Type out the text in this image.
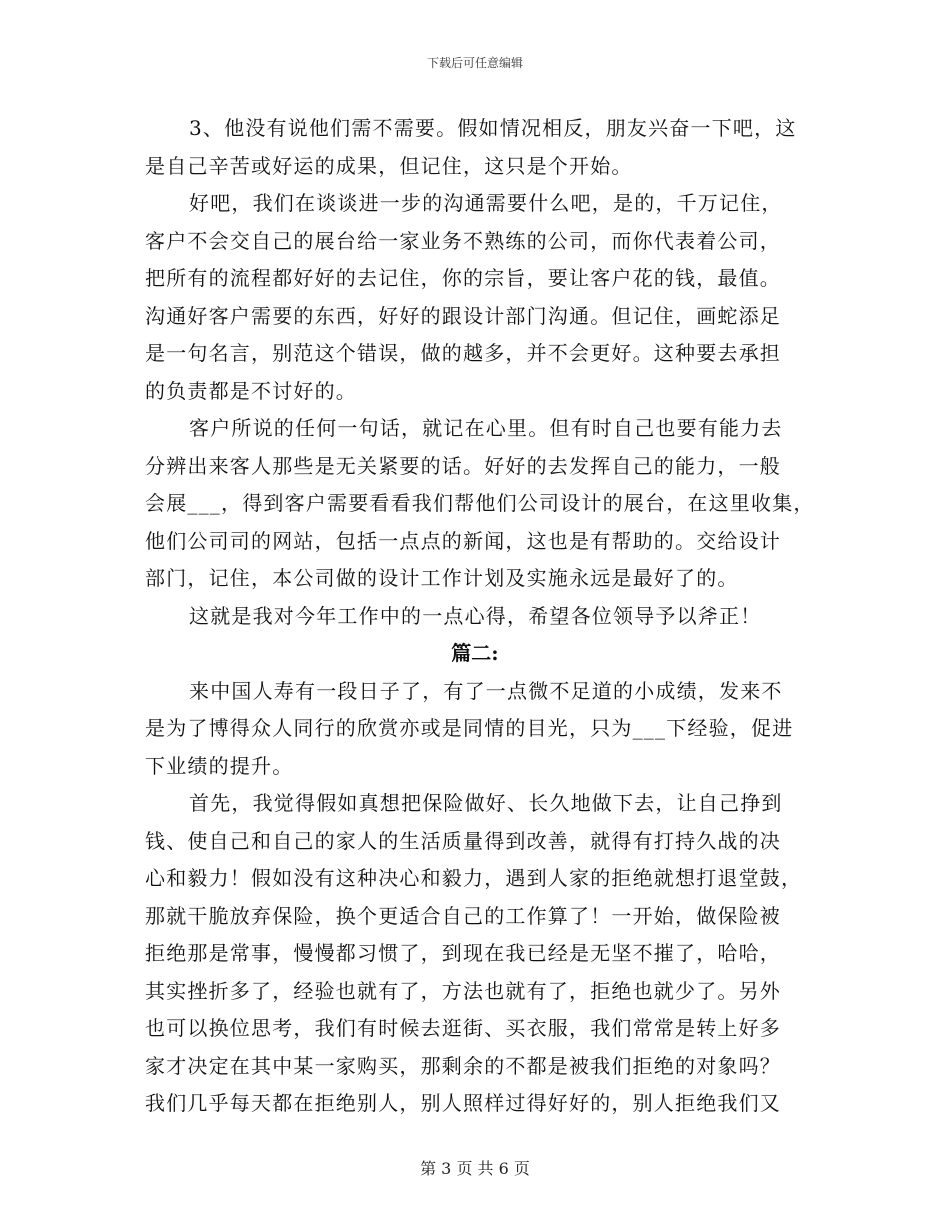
下载后可任意编辑
3、他没有说他们需不需要。假如情况相反，朋友兴奋一下吧，这
是自己辛苦或好运的成果，但记住，这只是个开始。
好吧，我们在谈谈进一步的沟通需要什么吧，是的，千万记住，
客户不会交自己的展台给一家业务不熟练的公司，而你代表着公司，
把所有的流程都好好的去记住，你的宗旨，要让客户花的钱，最值。
沟通好客户需要的东西，好好的跟设计部门沟通。但记住，画蛇添足
是一句名言，别范这个错误，做的越多，并不会更好。这种要去承担
的负责都是不讨好的。
客户所说的任何一句话，就记在心里。但有时自己也要有能力去
分辨出来客人那些是无关紧要的话。好好的去发挥自己的能力，一般
会展___，得到客户需要看看我们帮他们公司设计的展台，在这里收集，
他们公司司的网站，包括一点点的新闻，这也是有帮助的。交给设计
部门，记住，本公司做的设计工作计划及实施永远是最好了的。
这就是我对今年工作中的一点心得，希望各位领导予以斧正！
篇二:
来中国人寿有一段日子了，有了一点微不足道的小成绩，发来不
是为了博得众人同行的欣赏亦或是同情的目光，只为___下经验，促进
下业绩的提升。
首先，我觉得假如真想把保险做好、长久地做下去，让自己挣到
钱、使自己和自己的家人的生活质量得到改善，就得有打持久战的决
心和毅力！假如没有这种决心和毅力，遇到人家的拒绝就想打退堂鼓，
那就干脆放弃保险，换个更适合自己的工作算了！一开始，做保险被
拒绝那是常事，慢慢都习惯了，到现在我已经是无坚不摧了，哈哈，
其实挫折多了，经验也就有了，方法也就有了，拒绝也就少了。另外
也可以换位思考，我们有时候去逛街、买衣服，我们常常是转上好多
家才决定在其中某一家购买，那剩余的不都是被我们拒绝的对象吗？
我们几乎每天都在拒绝别人，别人照样过得好好的，别人拒绝我们又
第 3 页 共 6 页
